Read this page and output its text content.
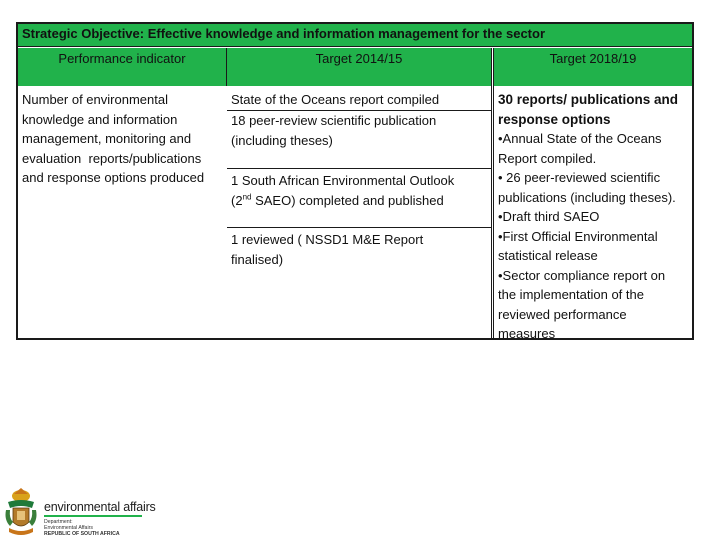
Strategic Objective: Effective knowledge and information management for the sector
Performance indicator	Target 2014/15	Target 2018/19
Number of environmental
knowledge and information
management, monitoring and
evaluation  reports/publications
and response options produced
State of the Oceans report compiled
18 peer-review scientific publication
(including theses)
1 South African Environmental Outlook
(2nd SAEO) completed and published
1 reviewed ( NSSD1 M&E Report
finalised)
30 reports/ publications and
response options
•Annual State of the Oceans
Report compiled.
• 26 peer-reviewed scientific
publications (including theses).
•Draft third SAEO
•First Official Environmental
statistical release
•Sector compliance report on
the implementation of the
reviewed performance
measures
environmental affairs
Department:
Environmental Affairs
REPUBLIC OF SOUTH AFRICA
